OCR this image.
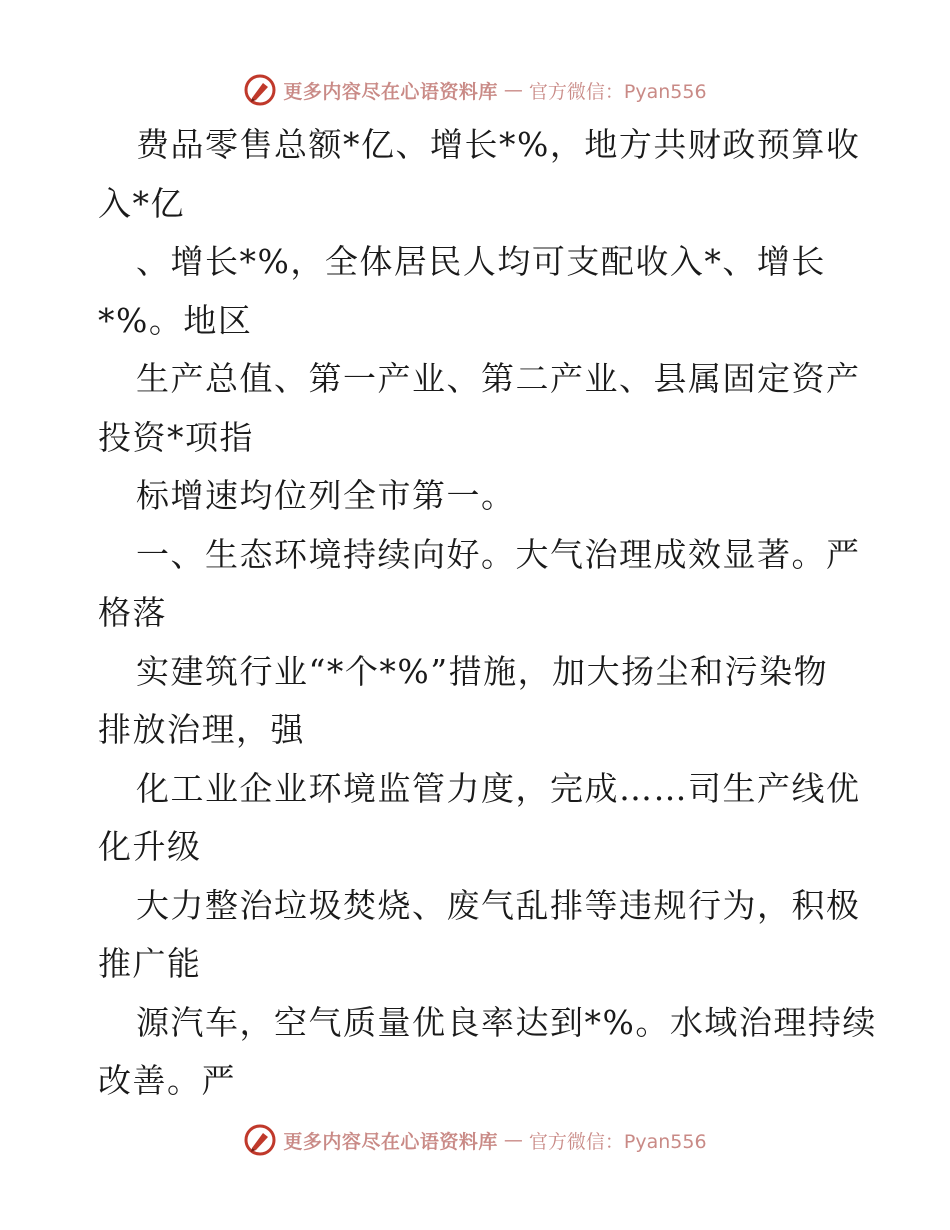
更多内容尽在心语资料库 — 官方微信：Pyan556
费品零售总额*亿、增长*%，地方共财政预算收
入*亿
、增长*%，全体居民人均可支配收入*、增长
*%。地区
生产总值、第一产业、第二产业、县属固定资产
投资*项指
标增速均位列全市第一。
一、生态环境持续向好。大气治理成效显著。严
格落
实建筑行业“*个*%”措施，加大扬尘和污染物
排放治理，强
化工业企业环境监管力度，完成……司生产线优
化升级
大力整治垃圾焚烧、废气乱排等违规行为，积极
推广能
源汽车，空气质量优良率达到*%。水域治理持续
改善。严
更多内容尽在心语资料库 — 官方微信：Pyan556
